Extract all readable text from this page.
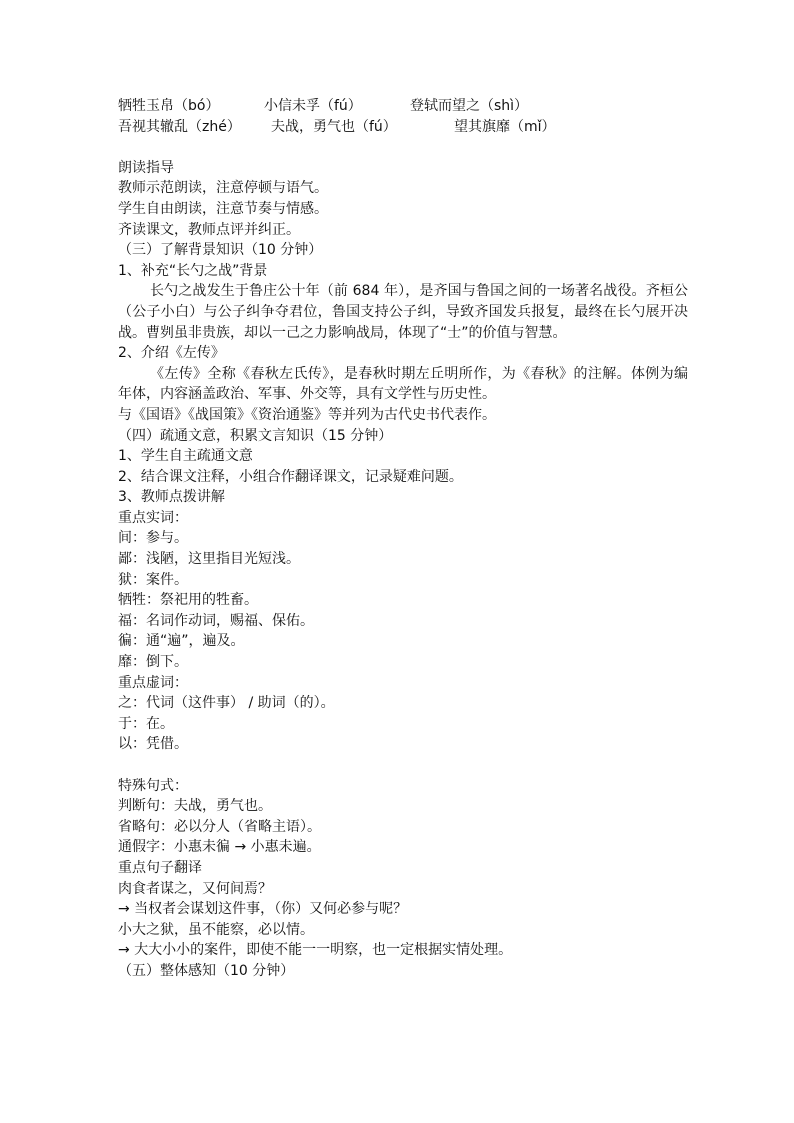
牺牲玉帛（bó）	小信未孚（fú）	登轼而望之（shì）
吾视其辙乱（zhé）	夫战，勇气也（fú）	望其旗靡（mǐ）

朗读指导

教师示范朗读，注意停顿与语气。

学生自由朗读，注意节奏与情感。

齐读课文，教师点评并纠正。

（三）了解背景知识（10 分钟）

1、补充“长勺之战”背景

长勺之战发生于鲁庄公十年（前 684 年），是齐国与鲁国之间的一场著名战役。齐桓公（公子小白）与公子纠争夺君位，鲁国支持公子纠，导致齐国发兵报复，最终在长勺展开决战。曹刿虽非贵族，却以一己之力影响战局，体现了“士”的价值与智慧。

2、介绍《左传》

《左传》全称《春秋左氏传》，是春秋时期左丘明所作，为《春秋》的注解。体例为编年体，内容涵盖政治、军事、外交等，具有文学性与历史性。

与《国语》《战国策》《资治通鉴》等并列为古代史书代表作。

（四）疏通文意，积累文言知识（15 分钟）

1、学生自主疏通文意

2、结合课文注释，小组合作翻译课文，记录疑难问题。

3、教师点拨讲解

重点实词：

间：参与。

鄙：浅陋，这里指目光短浅。

狱：案件。

牺牲：祭祀用的牲畜。

福：名词作动词，赐福、保佑。

徧：通“遍”，遍及。

靡：倒下。

重点虚词：

之：代词（这件事） / 助词（的）。

于：在。

以：凭借。

特殊句式：

判断句：夫战，勇气也。

省略句：必以分人（省略主语）。

通假字：小惠未徧 → 小惠未遍。

重点句子翻译

肉食者谋之，又何间焉？

→ 当权者会谋划这件事，（你）又何必参与呢？

小大之狱，虽不能察，必以情。

→ 大大小小的案件，即使不能一一明察，也一定根据实情处理。

（五）整体感知（10 分钟）
